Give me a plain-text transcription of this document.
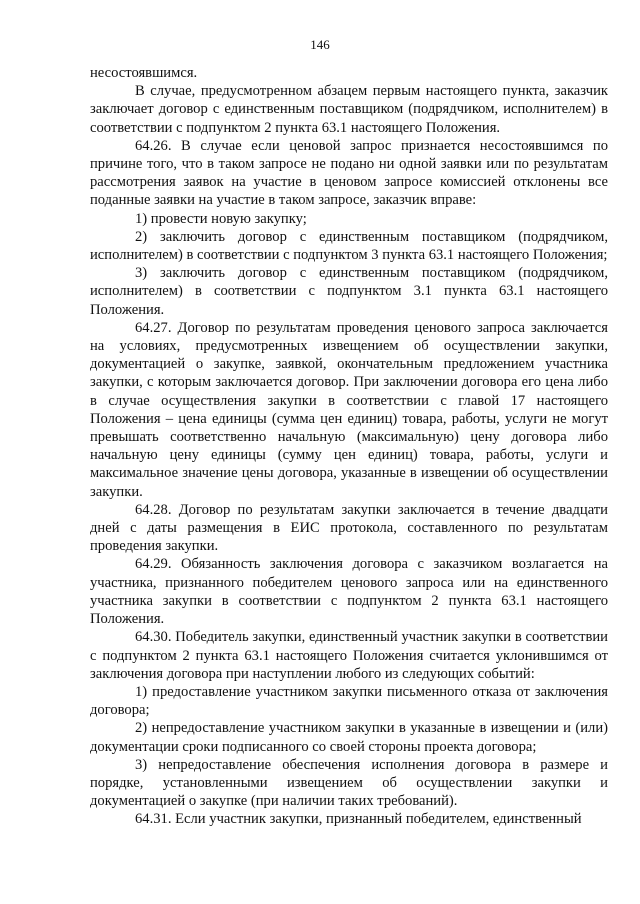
146

несостоявшимся.

В случае, предусмотренном абзацем первым настоящего пункта, заказчик заключает договор с единственным поставщиком (подрядчиком, исполнителем) в соответствии с подпунктом 2 пункта 63.1 настоящего Положения.

64.26. В случае если ценовой запрос признается несостоявшимся по причине того, что в таком запросе не подано ни одной заявки или по результатам рассмотрения заявок на участие в ценовом запросе комиссией отклонены все поданные заявки на участие в таком запросе, заказчик вправе:

1) провести новую закупку;

2) заключить договор с единственным поставщиком (подрядчиком, исполнителем) в соответствии с подпунктом 3 пункта 63.1 настоящего Положения;

3) заключить договор с единственным поставщиком (подрядчиком, исполнителем) в соответствии с подпунктом 3.1 пункта 63.1 настоящего Положения.

64.27. Договор по результатам проведения ценового запроса заключается на условиях, предусмотренных извещением об осуществлении закупки, документацией о закупке, заявкой, окончательным предложением участника закупки, с которым заключается договор. При заключении договора его цена либо в случае осуществления закупки в соответствии с главой 17 настоящего Положения – цена единицы (сумма цен единиц) товара, работы, услуги не могут превышать соответственно начальную (максимальную) цену договора либо начальную цену единицы (сумму цен единиц) товара, работы, услуги и максимальное значение цены договора, указанные в извещении об осуществлении закупки.

64.28. Договор по результатам закупки заключается в течение двадцати дней с даты размещения в ЕИС протокола, составленного по результатам проведения закупки.

64.29. Обязанность заключения договора с заказчиком возлагается на участника, признанного победителем ценового запроса или на единственного участника закупки в соответствии с подпунктом 2 пункта 63.1 настоящего Положения.

64.30. Победитель закупки, единственный участник закупки в соответствии с подпунктом 2 пункта 63.1 настоящего Положения считается уклонившимся от заключения договора при наступлении любого из следующих событий:

1) предоставление участником закупки письменного отказа от заключения договора;

2) непредоставление участником закупки в указанные в извещении и (или) документации сроки подписанного со своей стороны проекта договора;

3) непредоставление обеспечения исполнения договора в размере и порядке, установленными извещением об осуществлении закупки и документацией о закупке (при наличии таких требований).

64.31. Если участник закупки, признанный победителем, единственный
